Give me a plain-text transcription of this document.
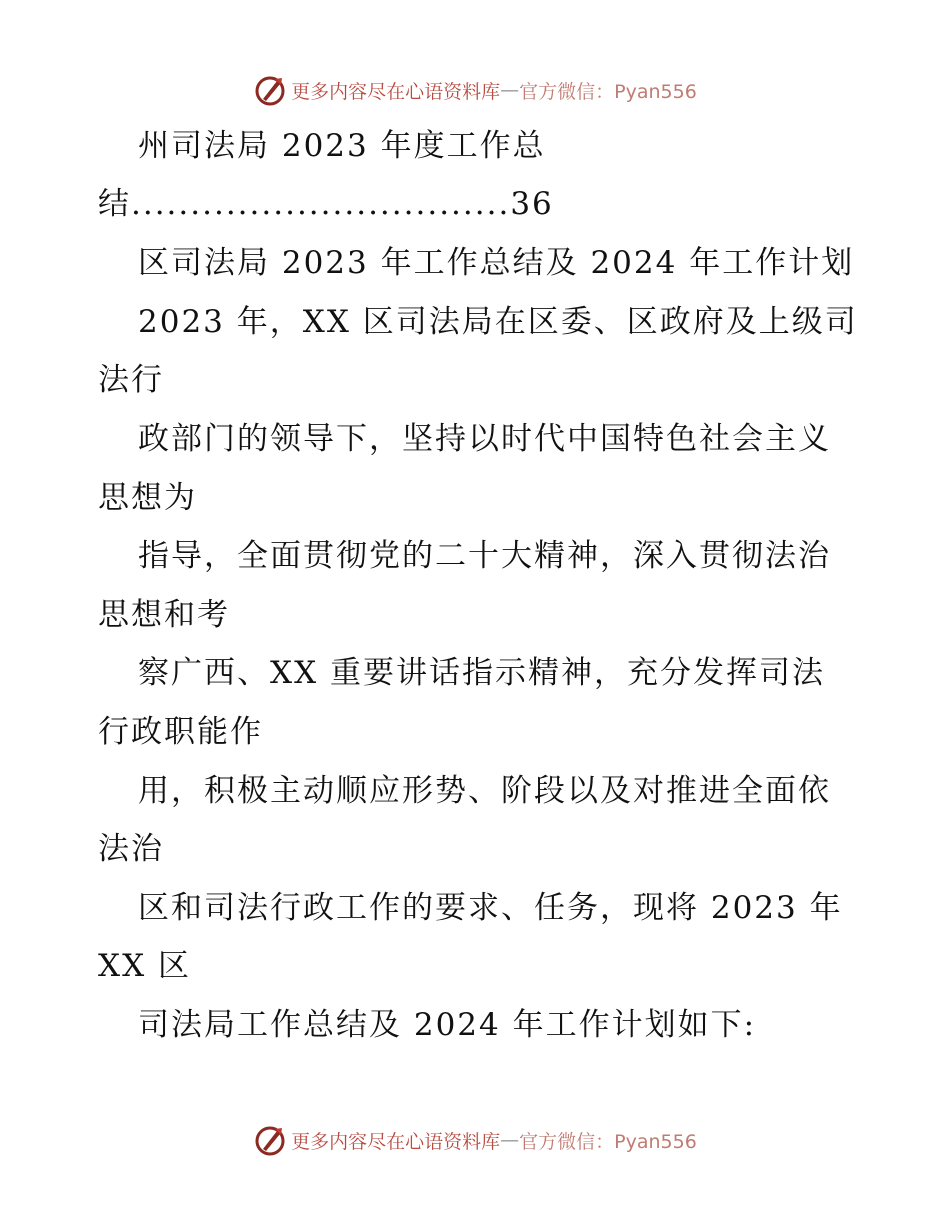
更多内容尽在心语资料库 — 官方微信：Pyan556
州司法局 2023 年度工作总
结................................36
区司法局 2023 年工作总结及 2024 年工作计划
2023 年，XX 区司法局在区委、区政府及上级司
法行
政部门的领导下，坚持以时代中国特色社会主义
思想为
指导，全面贯彻党的二十大精神，深入贯彻法治
思想和考
察广西、XX 重要讲话指示精神，充分发挥司法
行政职能作
用，积极主动顺应形势、阶段以及对推进全面依
法治
区和司法行政工作的要求、任务，现将 2023 年
XX 区
司法局工作总结及 2024 年工作计划如下:
更多内容尽在心语资料库 — 官方微信：Pyan556
